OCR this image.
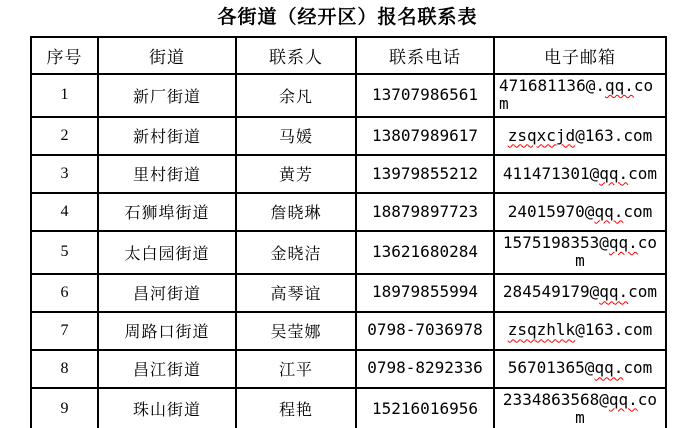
各街道（经开区）报名联系表
序号	街道	联系人	联系电话	电子邮箱
1	新厂街道	余凡	13707986561	471681136@.qq.com
2	新村街道	马媛	13807989617	zsqxcjd@163.com
3	里村街道	黄芳	13979855212	411471301@qq.com
4	石狮埠街道	詹晓琳	18879897723	24015970@qq.com
5	太白园街道	金晓洁	13621680284	1575198353@qq.com
6	昌河街道	高琴谊	18979855994	284549179@qq.com
7	周路口街道	吴莹娜	0798-7036978	zsqzhlk@163.com
8	昌江街道	江平	0798-8292336	56701365@qq.com
9	珠山街道	程艳	15216016956	2334863568@qq.com
